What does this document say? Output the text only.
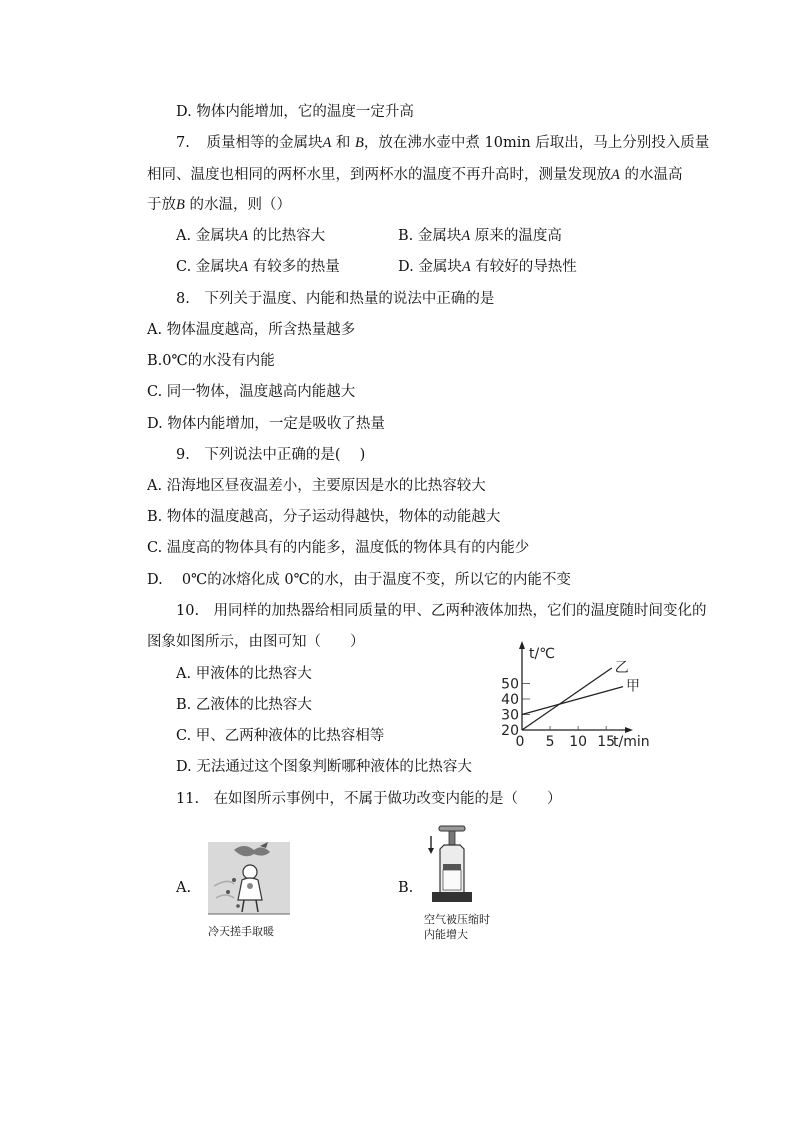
D. 物体内能增加，它的温度一定升高
7. 质量相等的金属块A 和 B，放在沸水壶中煮 10min 后取出，马上分别投入质量
相同、温度也相同的两杯水里，到两杯水的温度不再升高时，测量发现放A 的水温高
于放B 的水温，则（）
A. 金属块A 的比热容大	B. 金属块A 原来的温度高
C. 金属块A 有较多的热量	D. 金属块A 有较好的导热性
8.　下列关于温度、内能和热量的说法中正确的是
A. 物体温度越高，所含热量越多
B.0℃的水没有内能
C. 同一物体，温度越高内能越大
D. 物体内能增加，一定是吸收了热量
9.　下列说法中正确的是(　 )
A. 沿海地区昼夜温差小，主要原因是水的比热容较大
B. 物体的温度越高，分子运动得越快，物体的动能越大
C. 温度高的物体具有的内能多，温度低的物体具有的内能少
D.　 0℃的冰熔化成 0℃的水，由于温度不变，所以它的内能不变
10.　用同样的加热器给相同质量的甲、乙两种液体加热，它们的温度随时间变化的
图象如图所示，由图可知（　　）
A. 甲液体的比热容大
B. 乙液体的比热容大
C. 甲、乙两种液体的比热容相等
D. 无法通过这个图象判断哪种液体的比热容大
20
30
40
50
0 5 10 15
乙
甲
t/℃
t/min
11.　在如图所示事例中，不属于做功改变内能的是（　　）
A.
冷天搓手取暖
B.
空气被压缩时
内能增大
